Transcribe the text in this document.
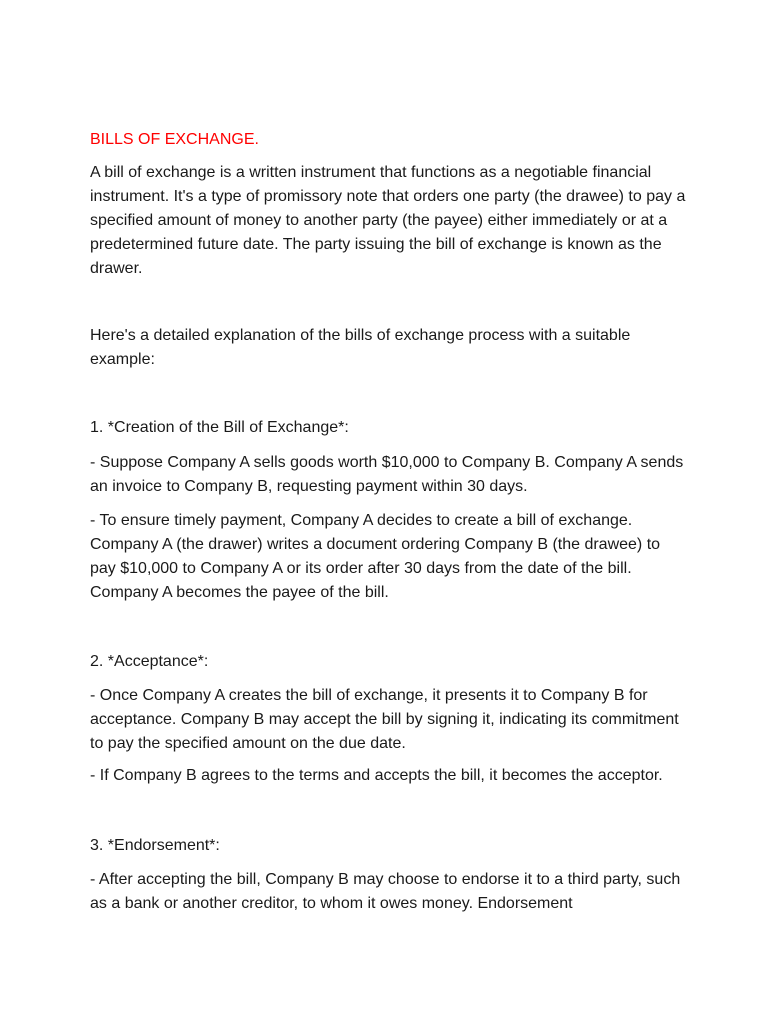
BILLS OF EXCHANGE.
A bill of exchange is a written instrument that functions as a negotiable financial instrument. It's a type of promissory note that orders one party (the drawee) to pay a specified amount of money to another party (the payee) either immediately or at a predetermined future date. The party issuing the bill of exchange is known as the drawer.
Here's a detailed explanation of the bills of exchange process with a suitable example:
1. *Creation of the Bill of Exchange*:
- Suppose Company A sells goods worth $10,000 to Company B. Company A sends an invoice to Company B, requesting payment within 30 days.
- To ensure timely payment, Company A decides to create a bill of exchange. Company A (the drawer) writes a document ordering Company B (the drawee) to pay $10,000 to Company A or its order after 30 days from the date of the bill. Company A becomes the payee of the bill.
2. *Acceptance*:
- Once Company A creates the bill of exchange, it presents it to Company B for acceptance. Company B may accept the bill by signing it, indicating its commitment to pay the specified amount on the due date.
- If Company B agrees to the terms and accepts the bill, it becomes the acceptor.
3. *Endorsement*:
- After accepting the bill, Company B may choose to endorse it to a third party, such as a bank or another creditor, to whom it owes money. Endorsement
